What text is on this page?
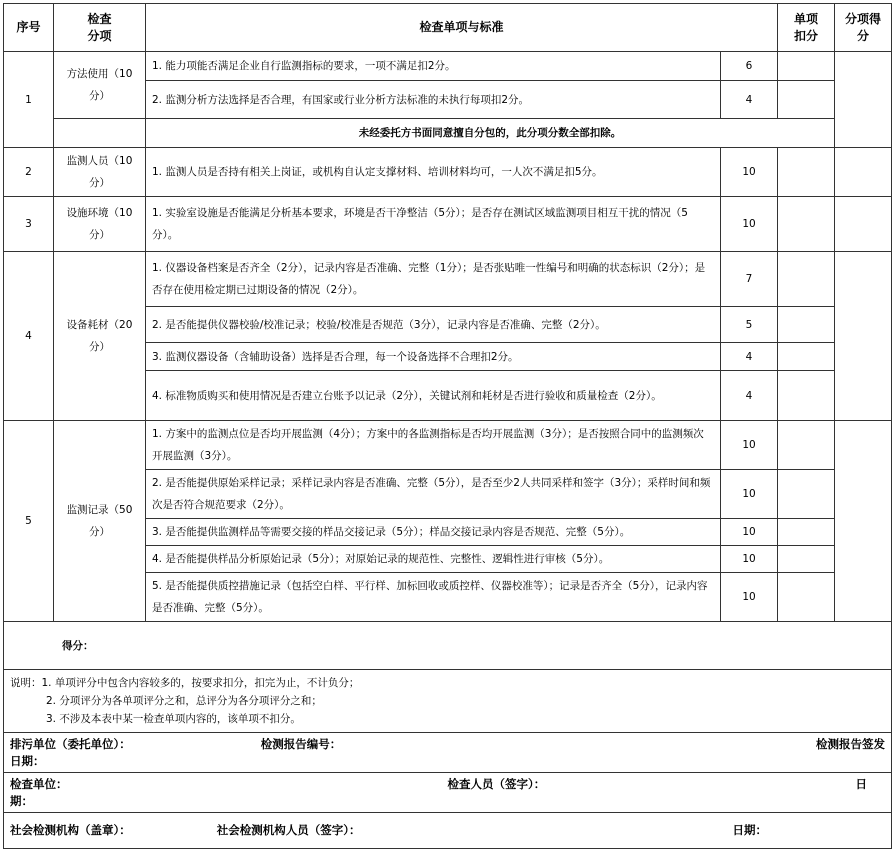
序号	检查
分项	检查单项与标准		单项
扣分	分项得
分

1	方法使用（10分）	1. 能力项能否满足企业自行监测指标的要求，一项不满足扣2分。	6		
		2. 监测分析方法选择是否合理，有国家或行业分析方法标准的未执行每项扣2分。	4		
		未经委托方书面同意擅自分包的，此分项分数全部扣除。			
2	监测人员（10分）	1. 监测人员是否持有相关上岗证，或机构自认定支撑材料、培训材料均可，一人次不满足扣5分。	10		
3	设施环境（10分）	1. 实验室设施是否能满足分析基本要求，环境是否干净整洁（5分）；是否存在测试区域监测项目相互干扰的情况（5分）。	10		
4	设备耗材（20分）	1. 仪器设备档案是否齐全（2分），记录内容是否准确、完整（1分）；是否张贴唯一性编号和明确的状态标识（2分）；是否存在使用检定期已过期设备的情况（2分）。	7		
		2. 是否能提供仪器校验/校准记录；校验/校准是否规范（3分），记录内容是否准确、完整（2分）。	5		
		3. 监测仪器设备（含辅助设备）选择是否合理，每一个设备选择不合理扣2分。	4		
		4. 标准物质购买和使用情况是否建立台账予以记录（2分），关键试剂和耗材是否进行验收和质量检查（2分）。	4		
5	监测记录（50分）	1. 方案中的监测点位是否均开展监测（4分）；方案中的各监测指标是否均开展监测（3分）；是否按照合同中的监测频次开展监测（3分）。	10		
		2. 是否能提供原始采样记录；采样记录内容是否准确、完整（5分），是否至少2人共同采样和签字（3分）；采样时间和频次是否符合规范要求（2分）。	10		
		3. 是否能提供监测样品等需要交接的样品交接记录（5分）；样品交接记录内容是否规范、完整（5分）。	10		
		4. 是否能提供样品分析原始记录（5分）；对原始记录的规范性、完整性、逻辑性进行审核（5分）。	10		
		5. 是否能提供质控措施记录（包括空白样、平行样、加标回收或质控样、仪器校准等）；记录是否齐全（5分），记录内容是否准确、完整（5分）。	10		
得分：					

说明：1. 单项评分中包含内容较多的，按要求扣分，扣完为止，不计负分；
2. 分项评分为各单项评分之和，总评分为各分项评分之和；
3. 不涉及本表中某一检查单项内容的，该单项不扣分。					
排污单位（委托单位）：	检测报告编号：	检测报告签发
日期：

检查单位：	检查人员（签字）：	日
期：

社会检测机构（盖章）：	社会检测机构人员（签字）：	日期：
